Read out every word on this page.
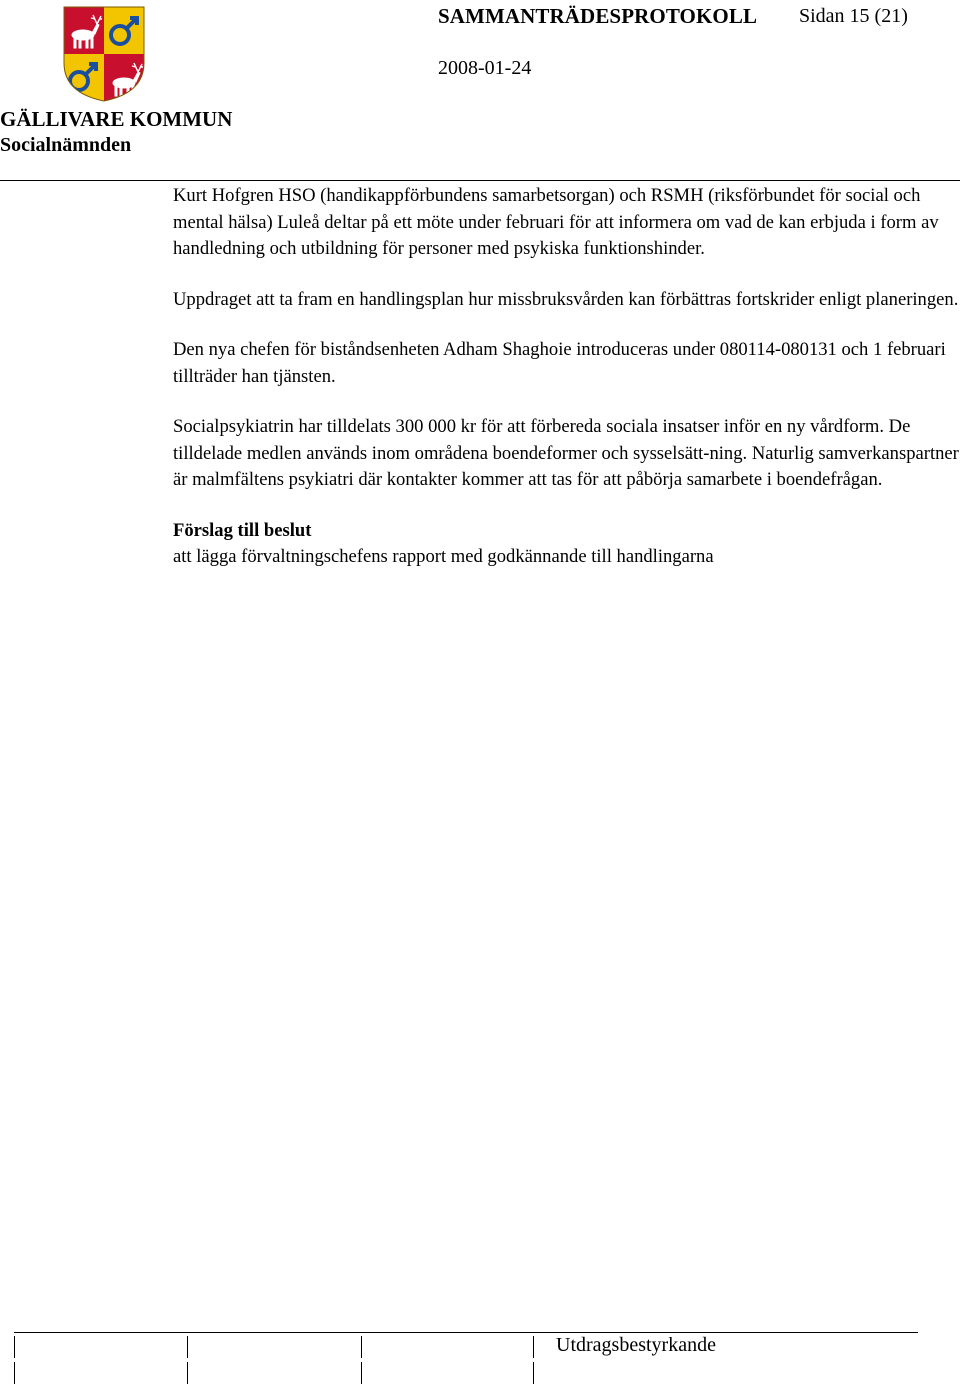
SAMMANTRÄDESPROTOKOLL Sidan 15 (21)
2008-01-24
GÄLLIVARE KOMMUN
Socialnämnden

Kurt Hofgren HSO (handikappförbundens samarbetsorgan) och RSMH (riksförbundet för social och mental hälsa) Luleå deltar på ett möte under februari för att informera om vad de kan erbjuda i form av handledning och utbildning för personer med psykiska funktionshinder.

Uppdraget att ta fram en handlingsplan hur missbruksvården kan förbättras fortskrider enligt planeringen.

Den nya chefen för biståndsenheten Adham Shaghoie introduceras under 080114-080131 och 1 februari tillträder han tjänsten.

Socialpsykiatrin har tilldelats 300 000 kr för att förbereda sociala insatser inför en ny vårdform. De tilldelade medlen används inom områdena boendeformer och sysselsätt-ning. Naturlig samverkanspartner är malmfältens psykiatri där kontakter kommer att tas för att påbörja samarbete i boendefrågan.

Förslag till beslut

att lägga förvaltningschefens rapport med godkännande till handlingarna

Utdragsbestyrkande
